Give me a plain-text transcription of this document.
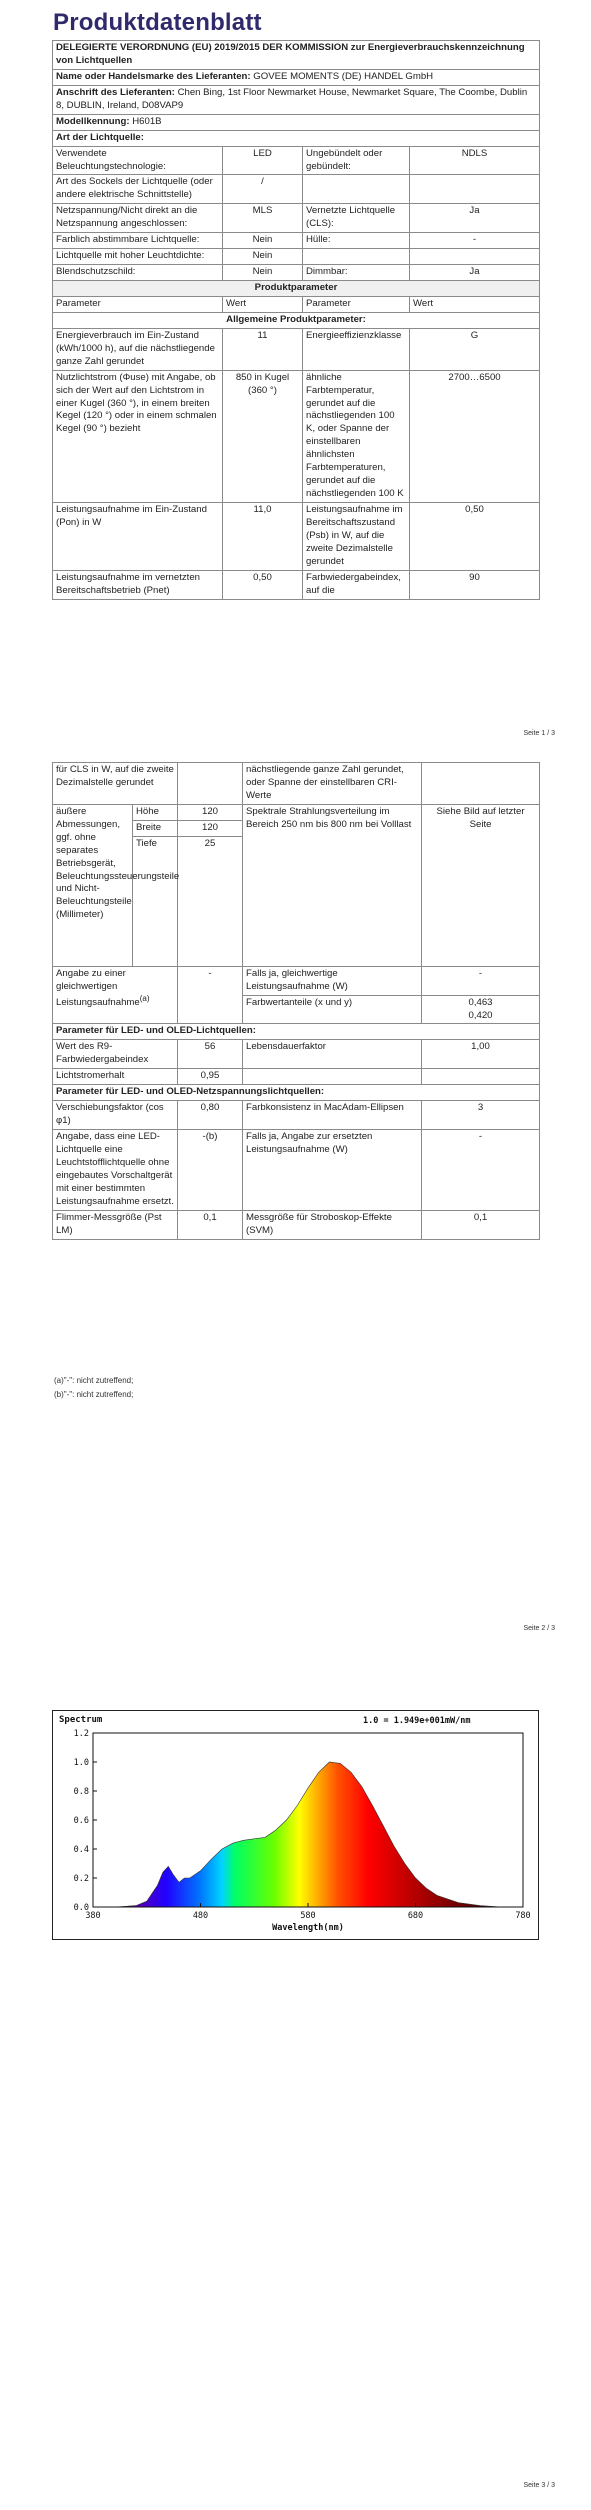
Produktdatenblatt
DELEGIERTE VERORDNUNG (EU) 2019/2015 DER KOMMISSION zur Energieverbrauchskennzeichnung von Lichtquellen			
Name oder Handelsmarke des Lieferanten: GOVEE MOMENTS (DE) HANDEL GmbH			
Anschrift des Lieferanten: Chen Bing, 1st Floor Newmarket House, Newmarket Square, The Coombe, Dublin 8, DUBLIN, Ireland, D08VAP9			
Modellkennung: H601B			
Art der Lichtquelle:			
Verwendete Beleuchtungstechnologie:	LED	Ungebündelt oder gebündelt:	NDLS
Art des Sockels der Lichtquelle (oder andere elektrische Schnittstelle)	/		
Netzspannung/Nicht direkt an die Netzspannung angeschlossen:	MLS	Vernetzte Lichtquelle (CLS):	Ja
Farblich abstimmbare Lichtquelle:	Nein	Hülle:	-
Lichtquelle mit hoher Leuchtdichte:	Nein		
Blendschutzschild:	Nein	Dimmbar:	Ja
Produktparameter			
Parameter	Wert	Parameter	Wert
Allgemeine Produktparameter:			
Energieverbrauch im Ein-Zustand (kWh/1000 h), auf die nächstliegende ganze Zahl gerundet	11	Energieeffizienzklasse	G
Nutzlichtstrom (Φuse) mit Angabe, ob sich der Wert auf den Lichtstrom in einer Kugel (360 °), in einem breiten Kegel (120 °) oder in einem schmalen Kegel (90 °) bezieht	850 in Kugel (360 °)	ähnliche Farbtemperatur, gerundet auf die nächstliegenden 100 K, oder Spanne der einstellbaren ähnlichsten Farbtemperaturen, gerundet auf die nächstliegenden 100 K	2700…6500
Leistungsaufnahme im Ein-Zustand (Pon) in W	11,0	Leistungsaufnahme im Bereitschaftszustand (Psb) in W, auf die zweite Dezimalstelle gerundet	0,50
Leistungsaufnahme im vernetzten Bereitschaftsbetrieb (Pnet)	0,50	Farbwiedergabeindex, auf die	90
Seite 1 / 3
für CLS in W, auf die zweite Dezimalstelle gerundet			nächstliegende ganze Zahl gerundet, oder Spanne der einstellbaren CRI-Werte	
äußere Abmessungen, ggf. ohne separates Betriebsgerät, Beleuchtungssteuerungsteile und Nicht-Beleuchtungsteile (Millimeter)	Höhe	120	Spektrale Strahlungsverteilung im Bereich 250 nm bis 800 nm bei Volllast	Siehe Bild auf letzter Seite
	Breite	120		
	Tiefe	25		
Angabe zu einer gleichwertigen Leistungsaufnahme$^{(a)}$		-	Falls ja, gleichwertige Leistungsaufnahme (W)	-
			Farbwertanteile (x und y)	0,463
0,420

Parameter für LED- und OLED-Lichtquellen:				
Wert des R9-Farbwiedergabeindex		56	Lebensdauerfaktor	1,00
Lichtstromerhalt		0,95		
Parameter für LED- und OLED-Netzspannungslichtquellen:				
Verschiebungsfaktor (cos φ1)		0,80	Farbkonsistenz in MacAdam-Ellipsen	3
Angabe, dass eine LED-Lichtquelle eine Leuchtstofflichtquelle ohne eingebautes Vorschaltgerät mit einer bestimmten Leistungsaufnahme ersetzt.		-(b)	Falls ja, Angabe zur ersetzten Leistungsaufnahme (W)	-
Flimmer-Messgröße (Pst LM)		0,1	Messgröße für Stroboskop-Effekte (SVM)	0,1
(a)"-": nicht zutreffend;
(b)"-": nicht zutreffend;
Seite 2 / 3
Spectrum	1.0 = 1.949e+001mW/nm
0.0
0.2
0.4
0.6
0.8
1.0
1.2
380	480	580	680	780
Wavelength(nm)
Seite 3 / 3
